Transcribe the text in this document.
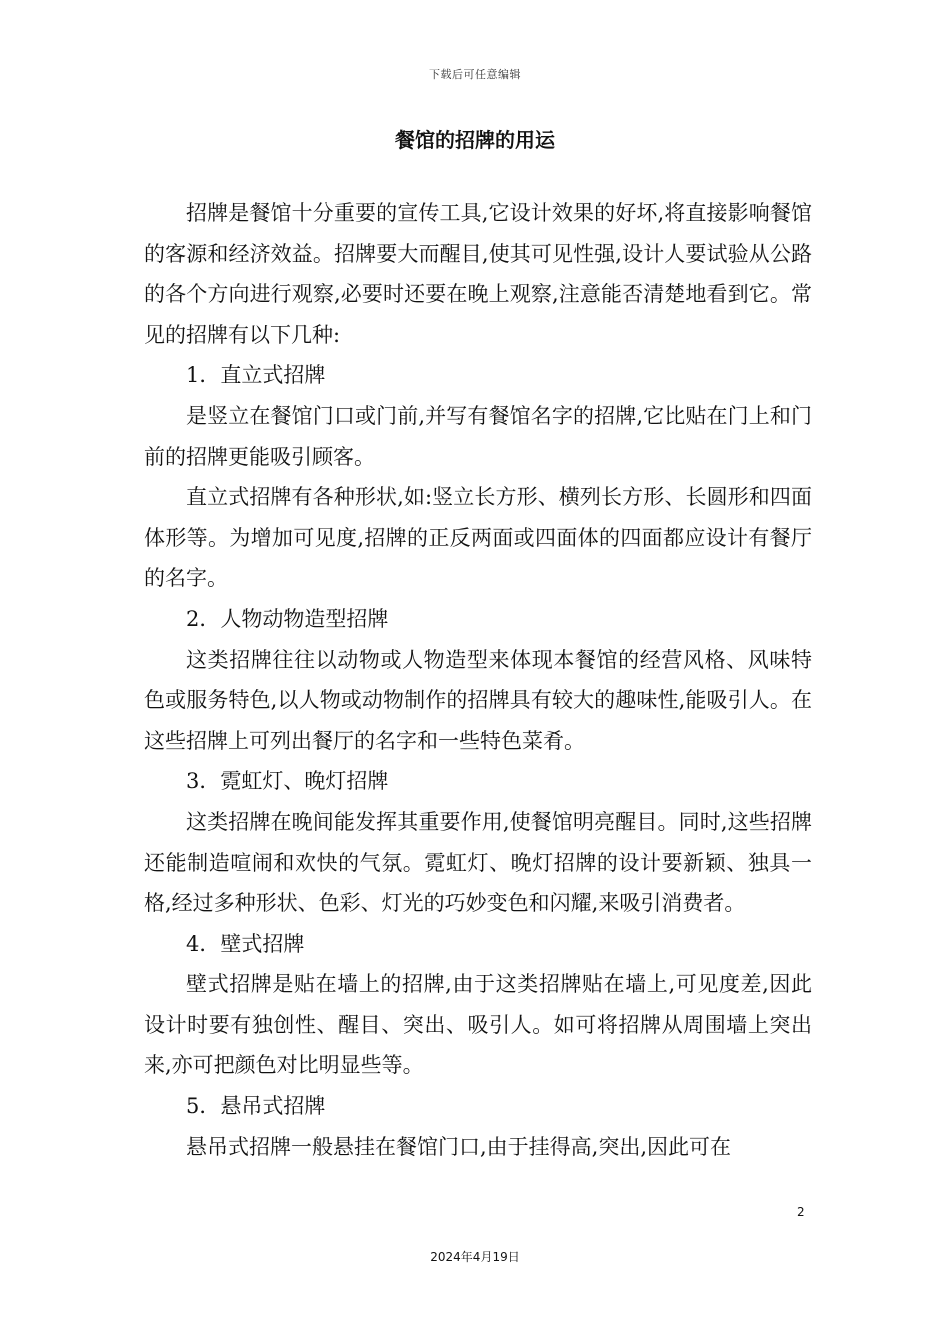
下载后可任意编辑
餐馆的招牌的用运

招牌是餐馆十分重要的宣传工具,它设计效果的好坏,将直接影响餐馆的客源和经济效益。招牌要大而醒目,使其可见性强,设计人要试验从公路的各个方向进行观察,必要时还要在晚上观察,注意能否清楚地看到它。常见的招牌有以下几种:

1．直立式招牌

是竖立在餐馆门口或门前,并写有餐馆名字的招牌,它比贴在门上和门前的招牌更能吸引顾客。

直立式招牌有各种形状,如:竖立长方形、横列长方形、长圆形和四面体形等。为增加可见度,招牌的正反两面或四面体的四面都应设计有餐厅的名字。

2．人物动物造型招牌

这类招牌往往以动物或人物造型来体现本餐馆的经营风格、风味特色或服务特色,以人物或动物制作的招牌具有较大的趣味性,能吸引人。在这些招牌上可列出餐厅的名字和一些特色菜肴。

3．霓虹灯、晚灯招牌

这类招牌在晚间能发挥其重要作用,使餐馆明亮醒目。同时,这些招牌还能制造喧闹和欢快的气氛。霓虹灯、晚灯招牌的设计要新颖、独具一格,经过多种形状、色彩、灯光的巧妙变色和闪耀,来吸引消费者。

4．壁式招牌

壁式招牌是贴在墙上的招牌,由于这类招牌贴在墙上,可见度差,因此设计时要有独创性、醒目、突出、吸引人。如可将招牌从周围墙上突出来,亦可把颜色对比明显些等。

5．悬吊式招牌

悬吊式招牌一般悬挂在餐馆门口,由于挂得高,突出,因此可在

2
2024年4月19日
